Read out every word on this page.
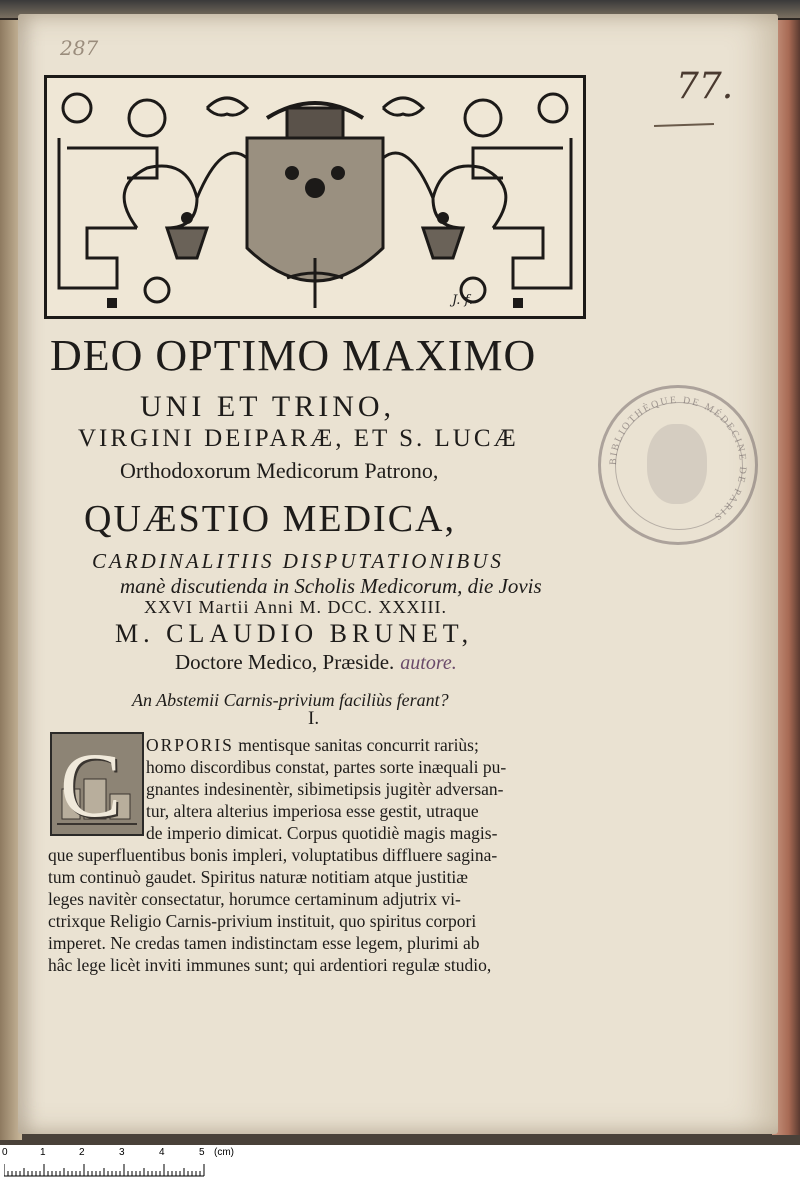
287
77.
J. f.
DEO OPTIMO MAXIMO
UNI ET TRINO,
VIRGINI DEIPARÆ, ET S. LUCÆ
Orthodoxorum Medicorum Patrono,
QUÆSTIO MEDICA,
CARDINALITIIS DISPUTATIONIBUS
manè discutienda in Scholis Medicorum, die Jovis
XXVI Martii Anni M. DCC. XXXIII.
M. CLAUDIO BRUNET,
Doctore Medico, Præside. autore.
An Abstemii Carnis-privium faciliùs ferant?
I.
C ORPORIS mentisque sanitas concurrit rariùs;
homo discordibus constat, partes sorte inæquali pu-
gnantes indesinentèr, sibimetipsis jugitèr adversan-
tur, altera alterius imperiosa esse gestit, utraque
de imperio dimicat. Corpus quotidiè magis magis-
que superfluentibus bonis impleri, voluptatibus diffluere sagina-
tum continuò gaudet. Spiritus naturæ notitiam atque justitiæ
leges navitèr consectatur, horumce certaminum adjutrix vi-
ctrixque Religio Carnis-privium instituit, quo spiritus corpori
imperet. Ne credas tamen indistinctam esse legem, plurimi ab
hâc lege licèt inviti immunes sunt; qui ardentiori regulæ studio,
BIBLIOTHÈQUE DE MÉDECINE DE PARIS
0	1	2	3	4	5 (cm)
